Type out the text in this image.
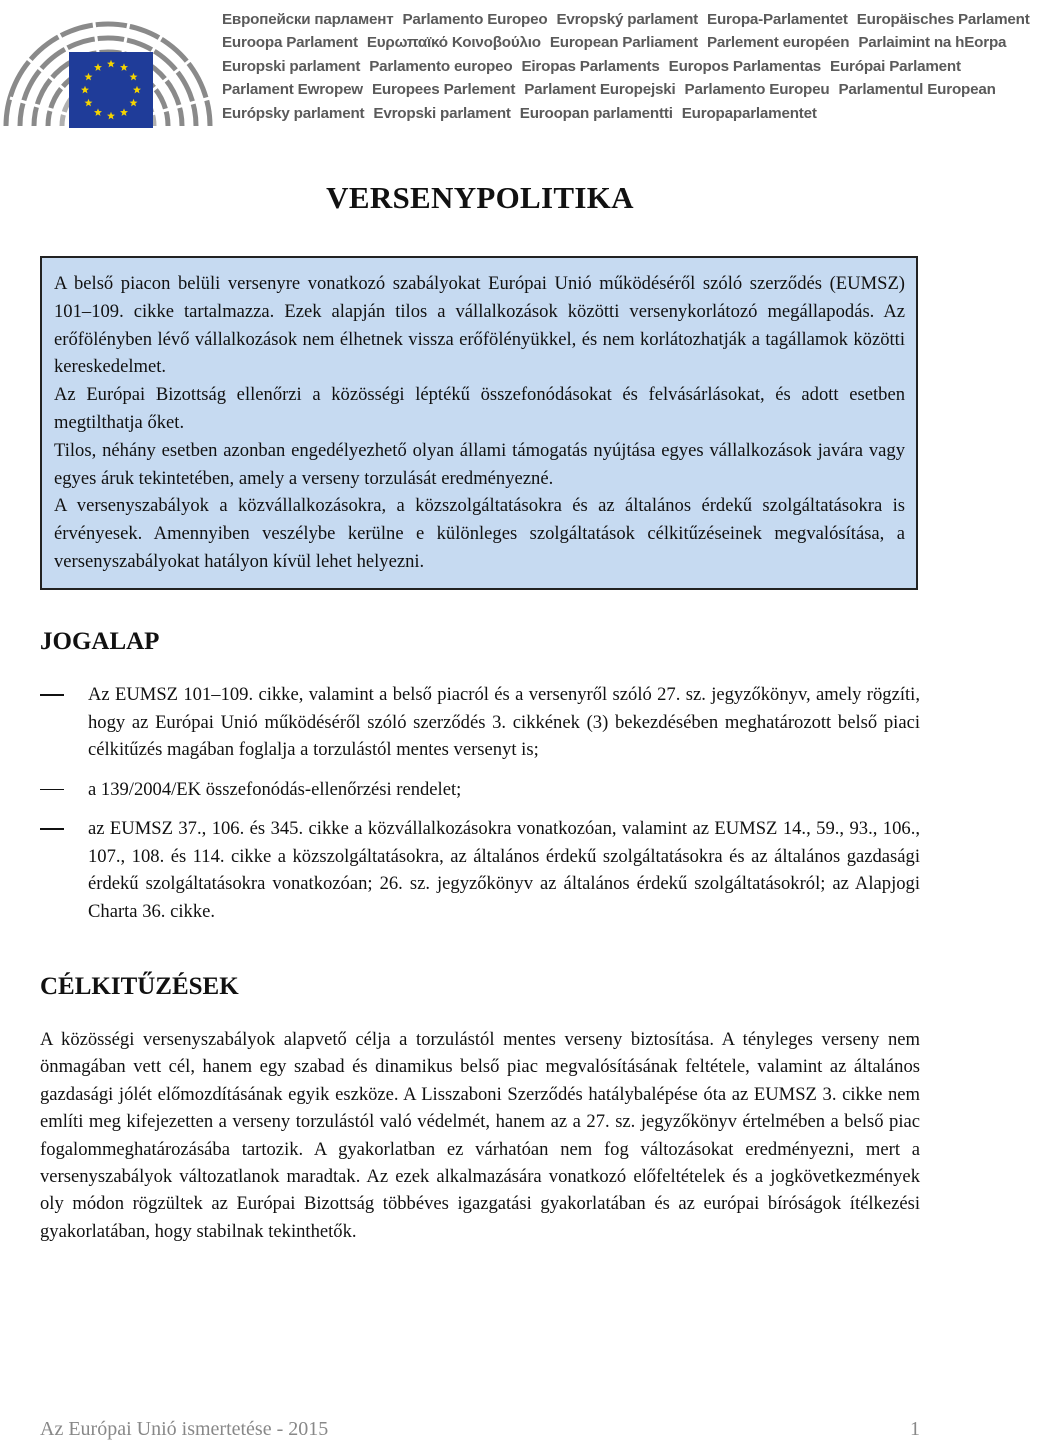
Европейски парламент Parlamento Europeo Evropský parlament Europa-Parlamentet Europäisches Parlament
Euroopa Parlament Ευρωπαϊκό Κοινοβούλιο European Parliament Parlement européen Parlaimint na hEorpa
Europski parlament Parlamento europeo Eiropas Parlaments Europos Parlamentas Európai Parlament
Parlament Ewropew Europees Parlement Parlament Europejski Parlamento Europeu Parlamentul European
Európsky parlament Evropski parlament Euroopan parlamentti Europaparlamentet
VERSENYPOLITIKA

A belső piacon belüli versenyre vonatkozó szabályokat Európai Unió működéséről szóló szerződés (EUMSZ) 101–109. cikke tartalmazza. Ezek alapján tilos a vállalkozások közötti versenykorlátozó megállapodás. Az erőfölényben lévő vállalkozások nem élhetnek vissza erőfölényükkel, és nem korlátozhatják a tagállamok közötti kereskedelmet.

Az Európai Bizottság ellenőrzi a közösségi léptékű összefonódásokat és felvásárlásokat, és adott esetben megtilthatja őket.

Tilos, néhány esetben azonban engedélyezhető olyan állami támogatás nyújtása egyes vállalkozások javára vagy egyes áruk tekintetében, amely a verseny torzulását eredményezné.

A versenyszabályok a közvállalkozásokra, a közszolgáltatásokra és az általános érdekű szolgáltatásokra is érvényesek. Amennyiben veszélybe kerülne e különleges szolgáltatások célkitűzéseinek megvalósítása, a versenyszabályokat hatályon kívül lehet helyezni.

JOGALAP
Az EUMSZ 101–109. cikke, valamint a belső piacról és a versenyről szóló 27. sz. jegyzőkönyv, amely rögzíti, hogy az Európai Unió működéséről szóló szerződés 3. cikkének (3) bekezdésében meghatározott belső piaci célkitűzés magában foglalja a torzulástól mentes versenyt is;
a 139/2004/EK összefonódás-ellenőrzési rendelet;
az EUMSZ 37., 106. és 345. cikke a közvállalkozásokra vonatkozóan, valamint az EUMSZ 14., 59., 93., 106., 107., 108. és 114. cikke a közszolgáltatásokra, az általános érdekű szolgáltatásokra és az általános gazdasági érdekű szolgáltatásokra vonatkozóan; 26. sz. jegyzőkönyv az általános érdekű szolgáltatásokról; az Alapjogi Charta 36. cikke.
CÉLKITŰZÉSEK

A közösségi versenyszabályok alapvető célja a torzulástól mentes verseny biztosítása. A tényleges verseny nem önmagában vett cél, hanem egy szabad és dinamikus belső piac megvalósításának feltétele, valamint az általános gazdasági jólét előmozdításának egyik eszköze. A Lisszaboni Szerződés hatálybalépése óta az EUMSZ 3. cikke nem említi meg kifejezetten a verseny torzulástól való védelmét, hanem az a 27. sz. jegyzőkönyv értelmében a belső piac fogalommeghatározásába tartozik. A gyakorlatban ez várhatóan nem fog változásokat eredményezni, mert a versenyszabályok változatlanok maradtak. Az ezek alkalmazására vonatkozó előfeltételek és a jogkövetkezmények oly módon rögzültek az Európai Bizottság többéves igazgatási gyakorlatában és az európai bíróságok ítélkezési gyakorlatában, hogy stabilnak tekinthetők.

Az Európai Unió ismertetése - 2015	1
